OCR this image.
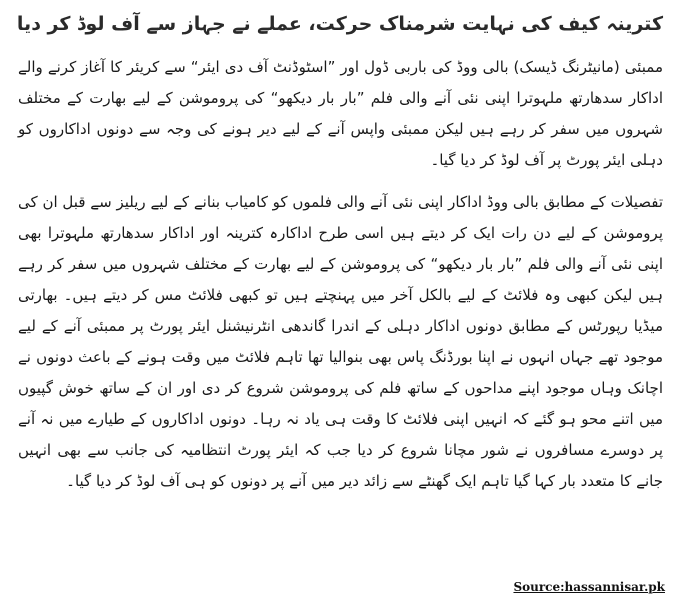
کترینہ کیف کی نہایت شرمناک حرکت، عملے نے جہاز سے آف لوڈ کر دیا

ممبئی (مانیٹرنگ ڈیسک) بالی ووڈ کی باربی ڈول اور ”اسٹوڈنٹ آف دی ایئر“ سے کریئر کا آغاز کرنے والے اداکار سدھارتھ ملہوترا اپنی نئی آنے والی فلم ”بار بار دیکھو“ کی پروموشن کے لیے بھارت کے مختلف شہروں میں سفر کر رہے ہیں لیکن ممبئی واپس آنے کے لیے دیر ہونے کی وجہ سے دونوں اداکاروں کو دہلی ایئر پورٹ پر آف لوڈ کر دیا گیا۔

تفصیلات کے مطابق بالی ووڈ اداکار اپنی نئی آنے والی فلموں کو کامیاب بنانے کے لیے ریلیز سے قبل ان کی پروموشن کے لیے دن رات ایک کر دیتے ہیں اسی طرح اداکارہ کترینہ اور اداکار سدھارتھ ملہوترا بھی اپنی نئی آنے والی فلم ”بار بار دیکھو“ کی پروموشن کے لیے بھارت کے مختلف شہروں میں سفر کر رہے ہیں لیکن کبھی وہ فلائٹ کے لیے بالکل آخر میں پہنچتے ہیں تو کبھی فلائٹ مس کر دیتے ہیں۔ بھارتی میڈیا رپورٹس کے مطابق دونوں اداکار دہلی کے اندرا گاندھی انٹرنیشنل ایئر پورٹ پر ممبئی آنے کے لیے موجود تھے جہاں انہوں نے اپنا بورڈنگ پاس بھی بنوالیا تھا تاہم فلائٹ میں وقت ہونے کے باعث دونوں نے اچانک وہاں موجود اپنے مداحوں کے ساتھ فلم کی پروموشن شروع کر دی اور ان کے ساتھ خوش گپیوں میں اتنے محو ہو گئے کہ انہیں اپنی فلائٹ کا وقت ہی یاد نہ رہا۔ دونوں اداکاروں کے طیارے میں نہ آنے پر دوسرے مسافروں نے شور مچانا شروع کر دیا جب کہ ایئر پورٹ انتظامیہ کی جانب سے بھی انہیں جانے کا متعدد بار کہا گیا تاہم ایک گھنٹے سے زائد دیر میں آنے پر دونوں کو ہی آف لوڈ کر دیا گیا۔

Source:hassannisar.pk
